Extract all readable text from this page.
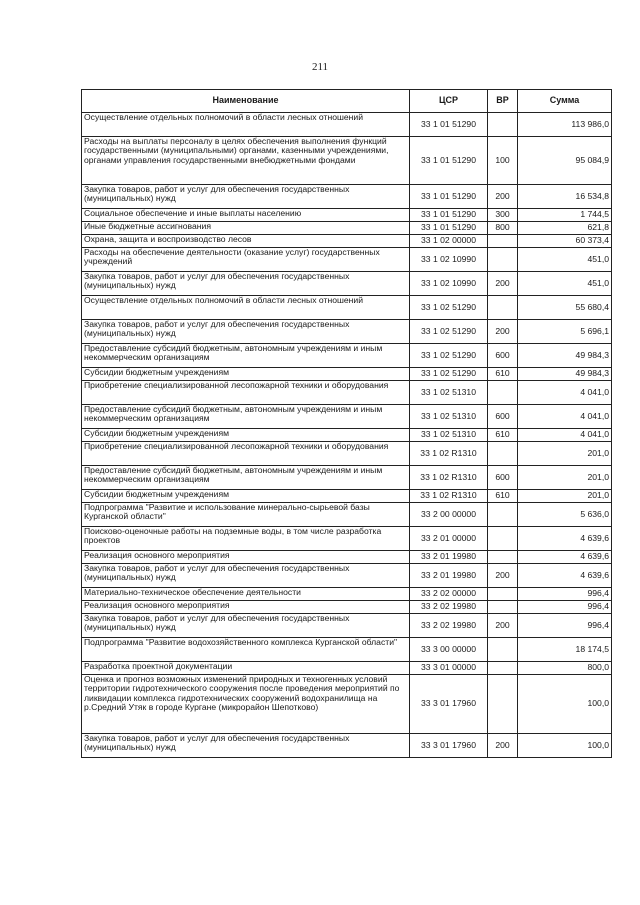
211
Наименование	ЦСР	ВР	Сумма
Осуществление отдельных полномочий в области лесных отношений	33 1 01 51290		113 986,0
Расходы на выплаты персоналу в целях обеспечения выполнения функций государственными (муниципальными) органами, казенными учреждениями, органами управления государственными внебюджетными фондами	33 1 01 51290	100	95 084,9
Закупка товаров, работ и услуг для обеспечения государственных (муниципальных) нужд	33 1 01 51290	200	16 534,8
Социальное обеспечение и иные выплаты населению	33 1 01 51290	300	1 744,5
Иные бюджетные ассигнования	33 1 01 51290	800	621,8
Охрана, защита и воспроизводство лесов	33 1 02 00000		60 373,4
Расходы на обеспечение деятельности (оказание услуг) государственных учреждений	33 1 02 10990		451,0
Закупка товаров, работ и услуг для обеспечения государственных (муниципальных) нужд	33 1 02 10990	200	451,0
Осуществление отдельных полномочий в области лесных отношений	33 1 02 51290		55 680,4
Закупка товаров, работ и услуг для обеспечения государственных (муниципальных) нужд	33 1 02 51290	200	5 696,1
Предоставление субсидий бюджетным, автономным учреждениям и иным некоммерческим организациям	33 1 02 51290	600	49 984,3
Субсидии бюджетным учреждениям	33 1 02 51290	610	49 984,3
Приобретение специализированной лесопожарной техники и оборудования	33 1 02 51310		4 041,0
Предоставление субсидий бюджетным, автономным учреждениям и иным некоммерческим организациям	33 1 02 51310	600	4 041,0
Субсидии бюджетным учреждениям	33 1 02 51310	610	4 041,0
Приобретение специализированной лесопожарной техники и оборудования	33 1 02 R1310		201,0
Предоставление субсидий бюджетным, автономным учреждениям и иным некоммерческим организациям	33 1 02 R1310	600	201,0
Субсидии бюджетным учреждениям	33 1 02 R1310	610	201,0
Подпрограмма "Развитие и использование минерально-сырьевой базы Курганской области"	33 2 00 00000		5 636,0
Поисково-оценочные работы на подземные воды, в том числе разработка проектов	33 2 01 00000		4 639,6
Реализация основного мероприятия	33 2 01 19980		4 639,6
Закупка товаров, работ и услуг для обеспечения государственных (муниципальных) нужд	33 2 01 19980	200	4 639,6
Материально-техническое обеспечение деятельности	33 2 02 00000		996,4
Реализация основного мероприятия	33 2 02 19980		996,4
Закупка товаров, работ и услуг для обеспечения государственных (муниципальных) нужд	33 2 02 19980	200	996,4
Подпрограмма "Развитие водохозяйственного комплекса Курганской области"	33 3 00 00000		18 174,5
Разработка проектной документации	33 3 01 00000		800,0
Оценка и прогноз возможных изменений природных и техногенных условий территории гидротехнического сооружения после проведения мероприятий по ликвидации комплекса гидротехнических сооружений водохранилища на р.Средний Утяк в городе Кургане (микрорайон Шепотково)	33 3 01 17960		100,0
Закупка товаров, работ и услуг для обеспечения государственных (муниципальных) нужд	33 3 01 17960	200	100,0
